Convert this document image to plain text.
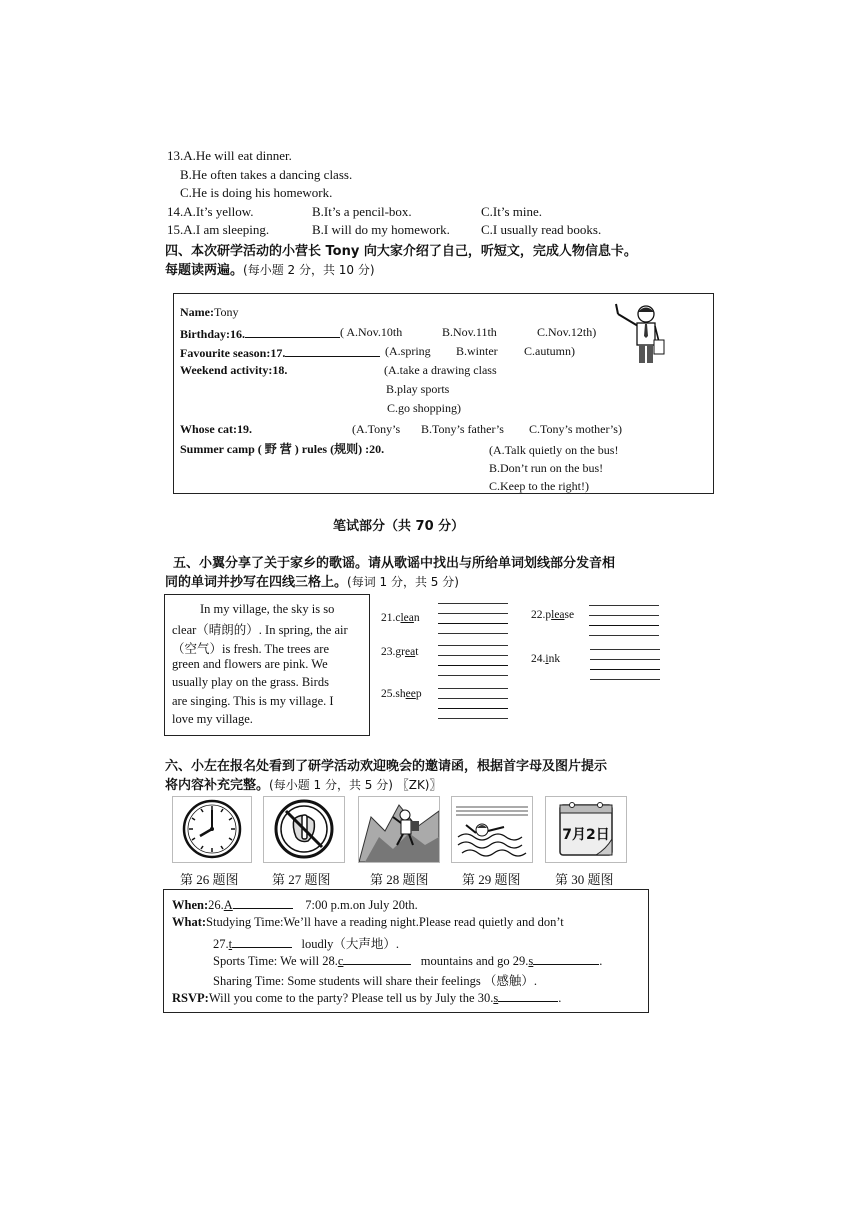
13.A.He will eat dinner.
B.He often takes a dancing class.
C.He is doing his homework.
14.A.It’s yellow.	B.It’s a pencil-box.	C.It’s mine.
15.A.I am sleeping.	B.I will do my homework. C.I usually read books.
四、本次研学活动的小营长 Tony 向大家介绍了自己，听短文，完成人物信息卡。
每题读两遍。(每小题 2 分，共 10 分)
Name:Tony
Birthday:16.	( A.Nov.10th	B.Nov.11th	C.Nov.12th)
Favourite season:17.	(A.spring B.winter C.autumn)
Weekend activity:18.	(A.take a drawing class
B.play sports
C.go shopping)
Whose cat:19.	(A.Tony’s B.Tony’s father’s C.Tony’s mother’s)
Summer camp ( 野 营 ) rules (规则) :20.	(A.Talk quietly on the bus!
B.Don’t run on the bus!
C.Keep to the right!)
笔试部分（共 70 分）
五、小翼分享了关于家乡的歌谣。请从歌谣中找出与所给单词划线部分发音相
同的单词并抄写在四线三格上。(每词 1 分，共 5 分)
In my village, the sky is so
clear（晴朗的）. In spring, the air
（空气）is fresh. The trees are
green and flowers are pink. We
usually play on the grass. Birds
are singing. This is my village. I
love my village.
21.clean	22.please
23.great
24.ink
25.sheep
六、小左在报名处看到了研学活动欢迎晚会的邀请函，根据首字母及图片提示
将内容补充完整。(每小题 1 分，共 5 分) 〖ZK)〗
7月2日
第 26 题图	第 27 题图	第 28 题图	第 29 题图	第 30 题图
When:26.A	7:00 p.m.on July 20th.
What:Studying Time:We’ll have a reading night.Please read quietly and don’t
27.t	loudly（大声地）.
Sports Time: We will 28.c	mountains and go 29.s	.
Sharing Time: Some students will share their feelings （感触）.
RSVP:Will you come to the party? Please tell us by July the 30.s	.
